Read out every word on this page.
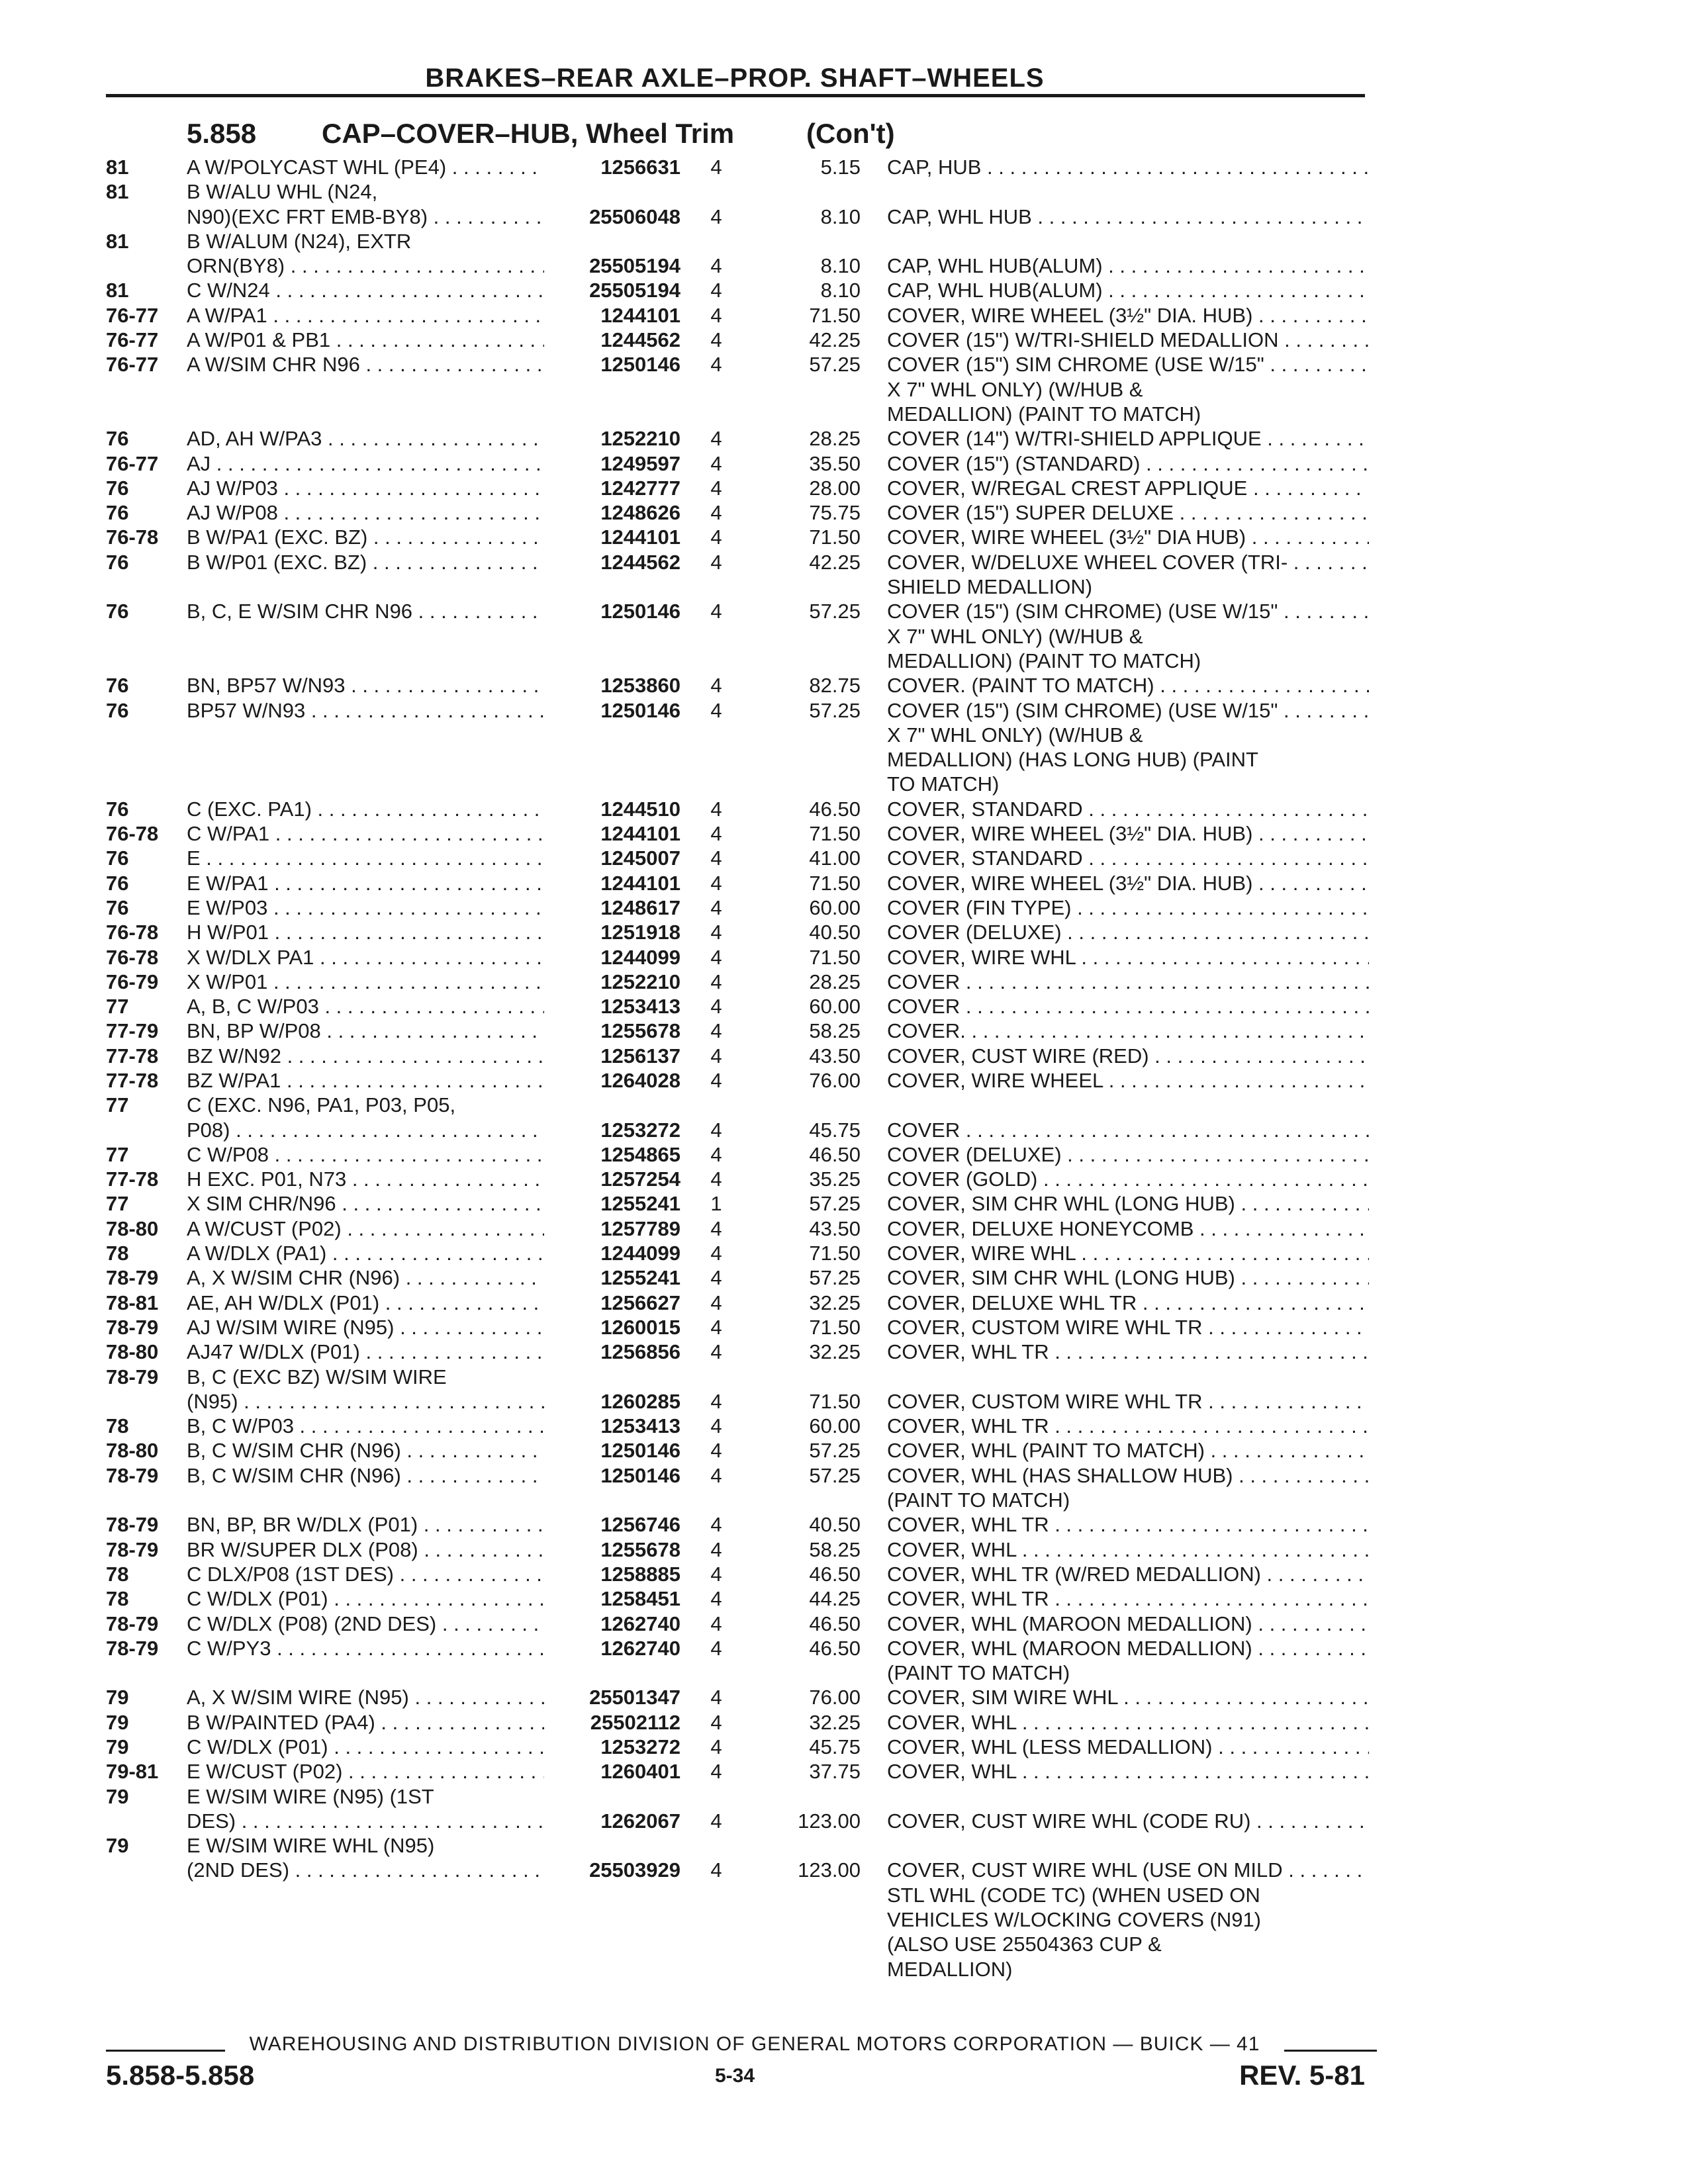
BRAKES–REAR AXLE–PROP. SHAFT–WHEELS
5.858 CAP–COVER–HUB, Wheel Trim	(Con't)
81	A W/POLYCAST WHL (PE4) . . . . . .	1256631	4	5.15 CAP, HUB . . .
81	B W/ALU WHL (N24,
N90)(EXC FRT EMB-BY8) . . .	25506048	4	8.10 CAP, WHL HUB . . .
81	B W/ALUM (N24), EXTR
ORN(BY8) . . .	25505194	4	8.10 CAP, WHL HUB(ALUM) . . .
81	C W/N24 . . .	25505194	4	8.10 CAP, WHL HUB(ALUM) . . .
76-77	A W/PA1 . . .	1244101	4	71.50 COVER, WIRE WHEEL (3½" DIA. HUB) . . .
76-77	A W/P01 & PB1 . . .	1244562	4	42.25 COVER (15") W/TRI-SHIELD MEDALLION . . .
76-77	A W/SIM CHR N96 . . .	1250146	4	57.25 COVER (15") SIM CHROME (USE W/15" . . .
X 7" WHL ONLY) (W/HUB &
MEDALLION) (PAINT TO MATCH)
76	AD, AH W/PA3 . . .	1252210	4	28.25 COVER (14") W/TRI-SHIELD APPLIQUE . . .
76-77	AJ . . .	1249597	4	35.50 COVER (15") (STANDARD) . . .
76	AJ W/P03 . . .	1242777	4	28.00 COVER, W/REGAL CREST APPLIQUE . . .
76	AJ W/P08 . . .	1248626	4	75.75 COVER (15") SUPER DELUXE . . .
76-78	B W/PA1 (EXC. BZ) . . .	1244101	4	71.50 COVER, WIRE WHEEL (3½" DIA HUB) . . .
76	B W/P01 (EXC. BZ) . . .	1244562	4	42.25 COVER, W/DELUXE WHEEL COVER (TRI- . . .
SHIELD MEDALLION)
76	B, C, E W/SIM CHR N96 . . .	1250146	4	57.25 COVER (15") (SIM CHROME) (USE W/15" . . .
X 7" WHL ONLY) (W/HUB &
MEDALLION) (PAINT TO MATCH)
76	BN, BP57 W/N93 . . .	1253860	4	82.75 COVER. (PAINT TO MATCH) . . .
76	BP57 W/N93 . . .	1250146	4	57.25 COVER (15") (SIM CHROME) (USE W/15" . . .
X 7" WHL ONLY) (W/HUB &
MEDALLION) (HAS LONG HUB) (PAINT
TO MATCH)
76	C (EXC. PA1) . . .	1244510	4	46.50 COVER, STANDARD . . .
76-78	C W/PA1 . . .	1244101	4	71.50 COVER, WIRE WHEEL (3½" DIA. HUB) . . .
76	E . . .	1245007	4	41.00 COVER, STANDARD . . .
76	E W/PA1 . . .	1244101	4	71.50 COVER, WIRE WHEEL (3½" DIA. HUB) . . .
76	E W/P03 . . .	1248617	4	60.00 COVER (FIN TYPE) . . .
76-78	H W/P01 . . .	1251918	4	40.50 COVER (DELUXE) . . .
76-78	X W/DLX PA1 . . .	1244099	4	71.50 COVER, WIRE WHL . . .
76-79	X W/P01 . . .	1252210	4	28.25 COVER . . .
77	A, B, C W/P03 . . .	1253413	4	60.00 COVER . . .
77-79	BN, BP W/P08 . . .	1255678	4	58.25 COVER. . . .
77-78	BZ W/N92 . . .	1256137	4	43.50 COVER, CUST WIRE (RED) . . .
77-78	BZ W/PA1 . . .	1264028	4	76.00 COVER, WIRE WHEEL . . .
77	C (EXC. N96, PA1, P03, P05,
P08) . . .	1253272	4	45.75 COVER . . .
77	C W/P08 . . .	1254865	4	46.50 COVER (DELUXE) . . .
77-78	H EXC. P01, N73 . . .	1257254	4	35.25 COVER (GOLD) . . .
77	X SIM CHR/N96 . . .	1255241	1	57.25 COVER, SIM CHR WHL (LONG HUB) . . .
78-80	A W/CUST (P02) . . .	1257789	4	43.50 COVER, DELUXE HONEYCOMB . . .
78	A W/DLX (PA1) . . .	1244099	4	71.50 COVER, WIRE WHL . . .
78-79	A, X W/SIM CHR (N96) . . .	1255241	4	57.25 COVER, SIM CHR WHL (LONG HUB) . . .
78-81	AE, AH W/DLX (P01) . . .	1256627	4	32.25 COVER, DELUXE WHL TR . . .
78-79	AJ W/SIM WIRE (N95) . . .	1260015	4	71.50 COVER, CUSTOM WIRE WHL TR . . .
78-80	AJ47 W/DLX (P01) . . .	1256856	4	32.25 COVER, WHL TR . . .
78-79	B, C (EXC BZ) W/SIM WIRE
(N95) . . .	1260285	4	71.50 COVER, CUSTOM WIRE WHL TR . . .
78	B, C W/P03 . . .	1253413	4	60.00 COVER, WHL TR . . .
78-80	B, C W/SIM CHR (N96) . . .	1250146	4	57.25 COVER, WHL (PAINT TO MATCH) . . .
78-79	B, C W/SIM CHR (N96) . . .	1250146	4	57.25 COVER, WHL (HAS SHALLOW HUB) . . .
(PAINT TO MATCH)
78-79	BN, BP, BR W/DLX (P01) . . .	1256746	4	40.50 COVER, WHL TR . . .
78-79	BR W/SUPER DLX (P08) . . .	1255678	4	58.25 COVER, WHL . . .
78	C DLX/P08 (1ST DES) . . .	1258885	4	46.50 COVER, WHL TR (W/RED MEDALLION) . . .
78	C W/DLX (P01) . . .	1258451	4	44.25 COVER, WHL TR . . .
78-79	C W/DLX (P08) (2ND DES) . . .	1262740	4	46.50 COVER, WHL (MAROON MEDALLION) . . .
78-79	C W/PY3 . . .	1262740	4	46.50 COVER, WHL (MAROON MEDALLION) . . .
(PAINT TO MATCH)
79	A, X W/SIM WIRE (N95) . . .	25501347	4	76.00 COVER, SIM WIRE WHL . . .
79	B W/PAINTED (PA4) . . .	25502112	4	32.25 COVER, WHL . . .
79	C W/DLX (P01) . . .	1253272	4	45.75 COVER, WHL (LESS MEDALLION) . . .
79-81	E W/CUST (P02) . . .	1260401	4	37.75 COVER, WHL . . .
79	E W/SIM WIRE (N95) (1ST
DES) . . .	1262067	4	123.00 COVER, CUST WIRE WHL (CODE RU) . . .
79	E W/SIM WIRE WHL (N95)
(2ND DES) . . .	25503929	4	123.00 COVER, CUST WIRE WHL (USE ON MILD . . .
STL WHL (CODE TC) (WHEN USED ON
VEHICLES W/LOCKING COVERS (N91)
(ALSO USE 25504363 CUP &
MEDALLION)
WAREHOUSING AND DISTRIBUTION DIVISION OF GENERAL MOTORS CORPORATION — BUICK — 41
5.858-5.858	5-34	REV. 5-81
